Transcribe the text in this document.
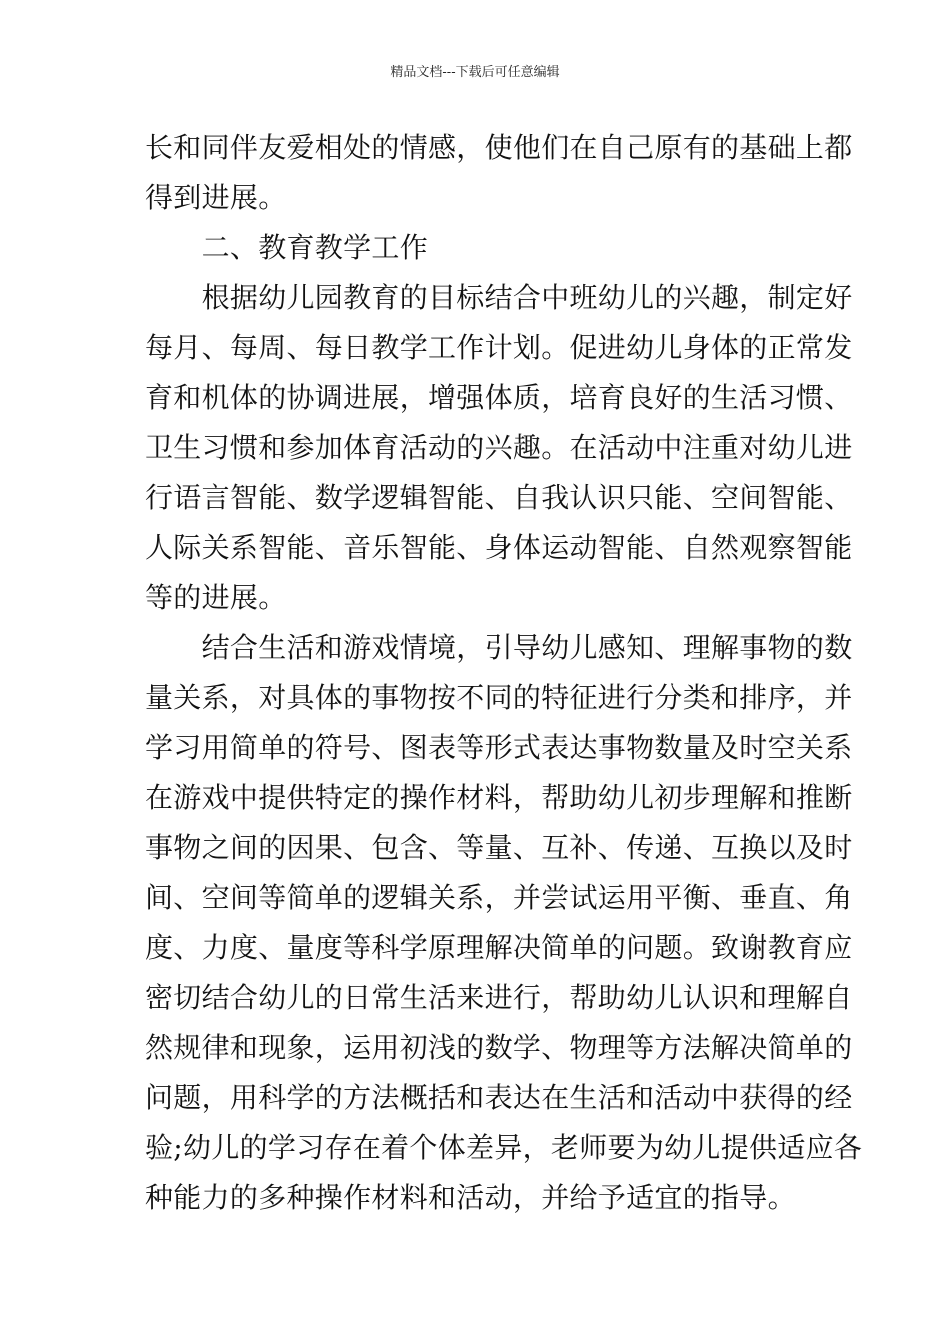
精品文档---下载后可任意编辑
长和同伴友爱相处的情感，使他们在自己原有的基础上都
得到进展。
　　二、教育教学工作
　　根据幼儿园教育的目标结合中班幼儿的兴趣，制定好
每月、每周、每日教学工作计划。促进幼儿身体的正常发
育和机体的协调进展，增强体质，培育良好的生活习惯、
卫生习惯和参加体育活动的兴趣。在活动中注重对幼儿进
行语言智能、数学逻辑智能、自我认识只能、空间智能、
人际关系智能、音乐智能、身体运动智能、自然观察智能
等的进展。
　　结合生活和游戏情境，引导幼儿感知、理解事物的数
量关系，对具体的事物按不同的特征进行分类和排序，并
学习用简单的符号、图表等形式表达事物数量及时空关系
在游戏中提供特定的操作材料，帮助幼儿初步理解和推断
事物之间的因果、包含、等量、互补、传递、互换以及时
间、空间等简单的逻辑关系，并尝试运用平衡、垂直、角
度、力度、量度等科学原理解决简单的问题。致谢教育应
密切结合幼儿的日常生活来进行，帮助幼儿认识和理解自
然规律和现象，运用初浅的数学、物理等方法解决简单的
问题，用科学的方法概括和表达在生活和活动中获得的经
验;幼儿的学习存在着个体差异，老师要为幼儿提供适应各
种能力的多种操作材料和活动，并给予适宜的指导。
